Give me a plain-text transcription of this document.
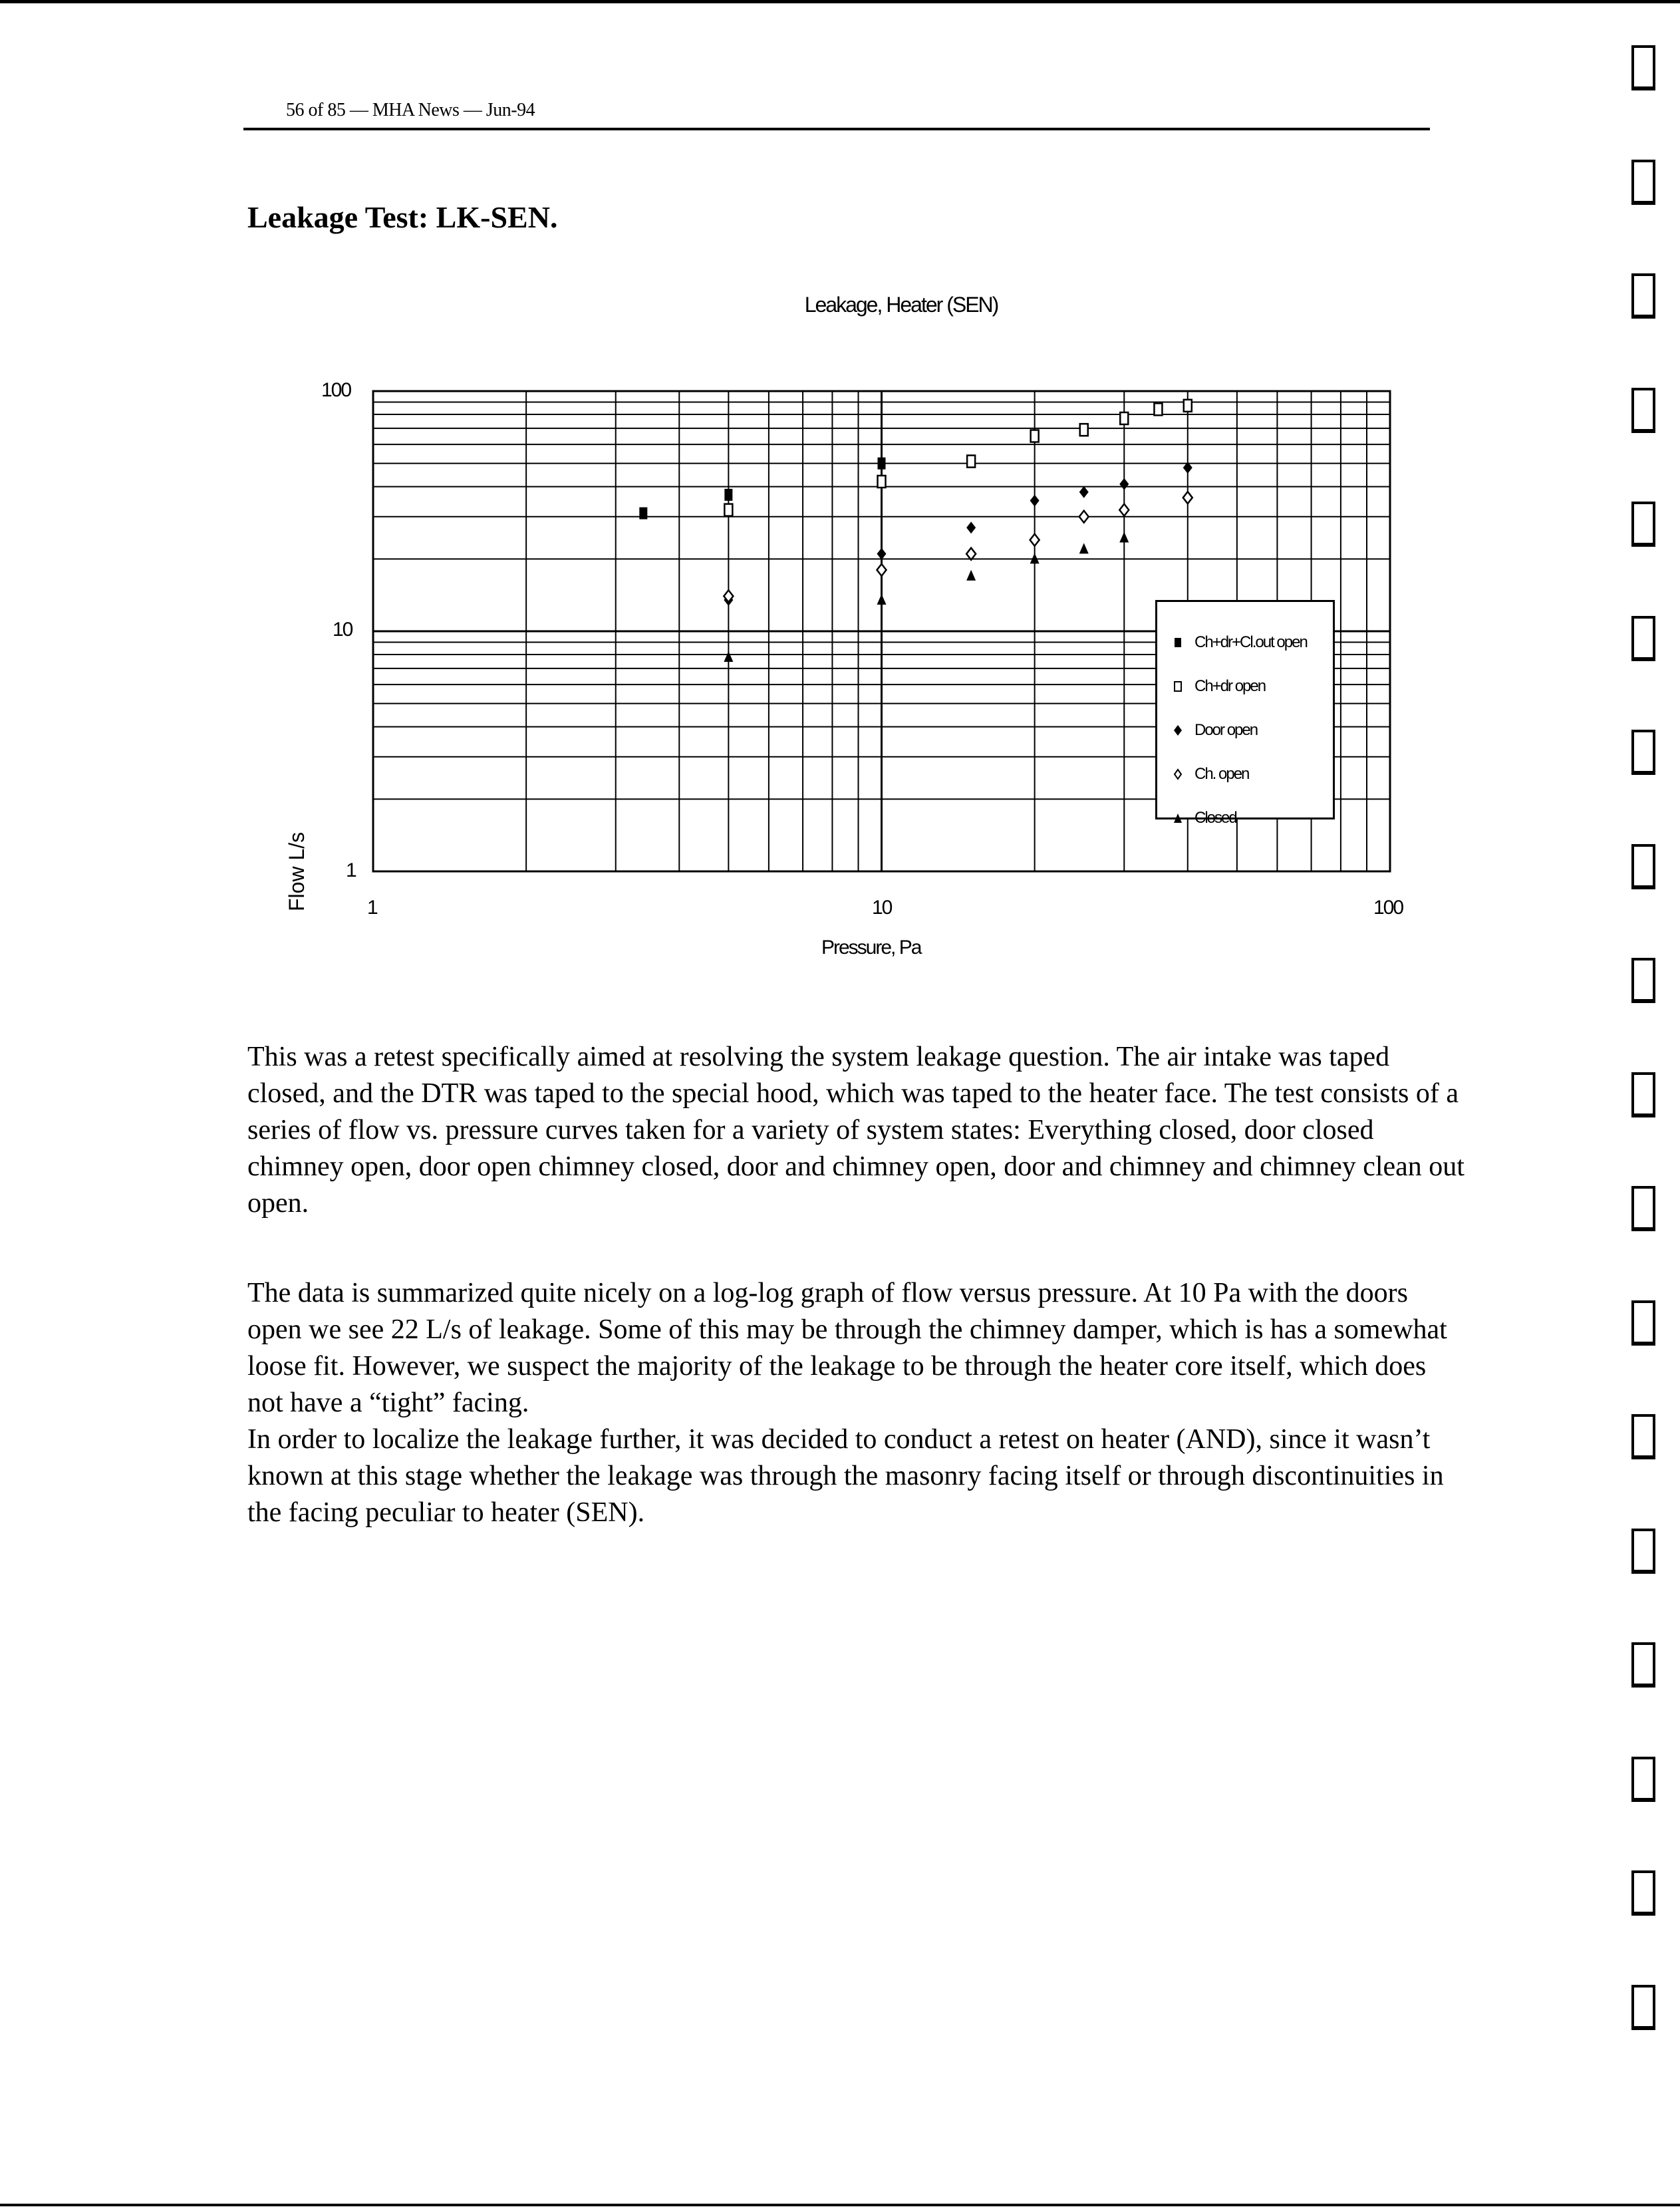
56 of 85 — MHA News — Jun-94
Leakage Test: LK-SEN.
Leakage, Heater (SEN)
100
10
1
1	10	100
Flow L/s
Pressure, Pa
Ch+dr+Cl.out open
Ch+dr open
Door open
Ch. open
Closed
This was a retest specifically aimed at resolving the system leakage question. The air intake was taped closed, and the DTR was taped to the special hood, which was taped to the heater face. The test consists of a series of flow vs. pressure curves taken for a variety of system states: Everything closed, door closed chimney open, door open chimney closed, door and chimney open, door and chimney and chimney clean out open.
The data is summarized quite nicely on a log-log graph of flow versus pressure. At 10 Pa with the doors open we see 22 L/s of leakage. Some of this may be through the chimney damper, which is has a somewhat loose fit. However, we suspect the majority of the leakage to be through the heater core itself, which does not have a “tight” facing.
In order to localize the leakage further, it was decided to conduct a retest on heater (AND), since it wasn’t known at this stage whether the leakage was through the masonry facing itself or through discontinuities in the facing peculiar to heater (SEN).
